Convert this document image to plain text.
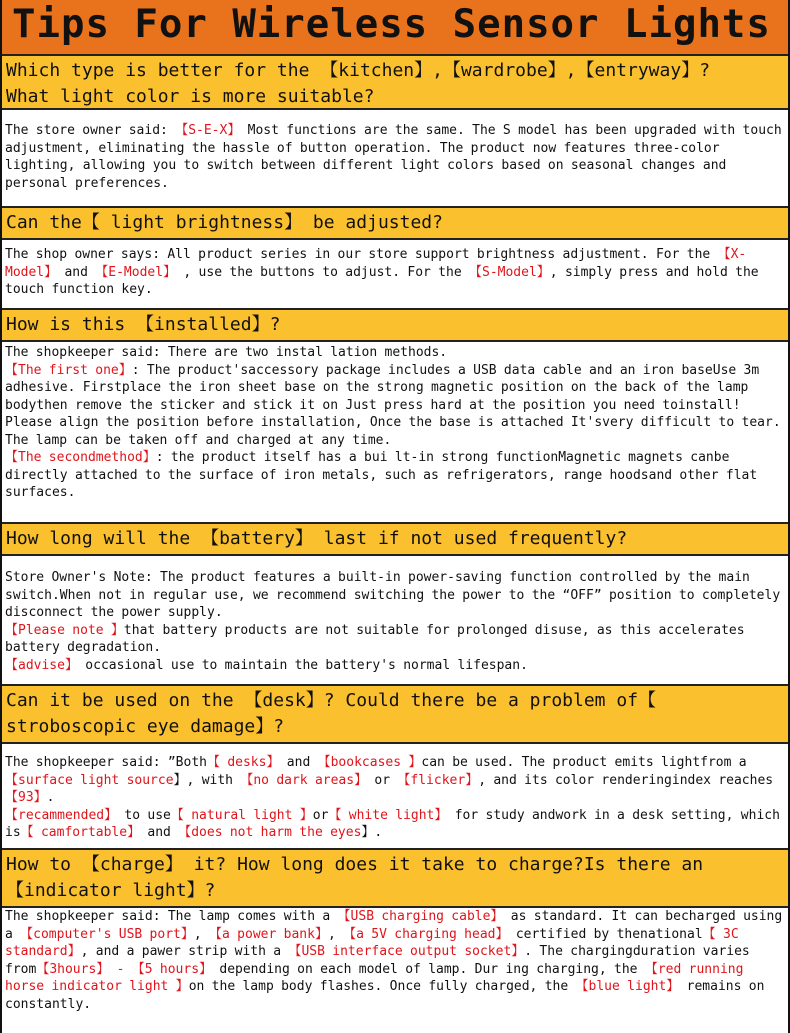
Tips For Wireless Sensor Lights
Which type is better for the 【kitchen】,【wardrobe】,【entryway】?
What light color is more suitable?
The store owner said: 【S-E-X】 Most functions are the same. The S model has been upgraded with touch adjustment, eliminating the hassle of button operation. The product now features three-color lighting, allowing you to switch between different light colors based on seasonal changes and personal preferences.
Can the【 light brightness】 be adjusted?
The shop owner says: All product series in our store support brightness adjustment. For the 【X-Model】 and 【E-Model】 , use the buttons to adjust. For the 【S-Model】, simply press and hold the touch function key.
How is this 【installed】?
The shopkeeper said: There are two instal lation methods.
【The first one】: The product'saccessory package includes a USB data cable and an iron baseUse 3m adhesive. Firstplace the iron sheet base on the strong magnetic position on the back of the lamp bodythen remove the sticker and stick it on Just press hard at the position you need toinstall! Please align the position before installation, Once the base is attached It'svery difficult to tear. The lamp can be taken off and charged at any time.
【The secondmethod】: the product itself has a bui lt-in strong functionMagnetic magnets canbe directly attached to the surface of iron metals, such as refrigerators, range hoodsand other flat surfaces.
How long will the 【battery】 last if not used frequently?
Store Owner's Note: The product features a built-in power-saving function controlled by the main switch.When not in regular use, we recommend switching the power to the “OFF” position to completely disconnect the power supply.
【Please note 】that battery products are not suitable for prolonged disuse, as this accelerates battery degradation.
【advise】 occasional use to maintain the battery's normal lifespan.
Can it be used on the 【desk】? Could there be a problem of【
stroboscopic eye damage】?
The shopkeeper said: ”Both【 desks】 and 【bookcases 】can be used. The product emits lightfrom a 【surface light source】, with 【no dark areas】 or 【flicker】, and its color renderingindex reaches 【93】.
【recammended】 to use【 natural light 】or【 white light】 for study andwork in a desk setting, which is【 camfortable】 and 【does not harm the eyes】.
How to 【charge】 it? How long does it take to charge?Is there an
【indicator light】?
The shopkeeper said: The lamp comes with a 【USB charging cable】 as standard. It can becharged using a 【computer's USB port】, 【a power bank】, 【a 5V charging head】 certified by thenational【 3C standard】, and a pawer strip with a 【USB interface output socket】. The chargingduration varies from【3hours】 - 【5 hours】 depending on each model of lamp. Dur ing charging, the 【red running horse indicator light 】on the lamp body flashes. Once fully charged, the 【blue light】 remains on constantly.
